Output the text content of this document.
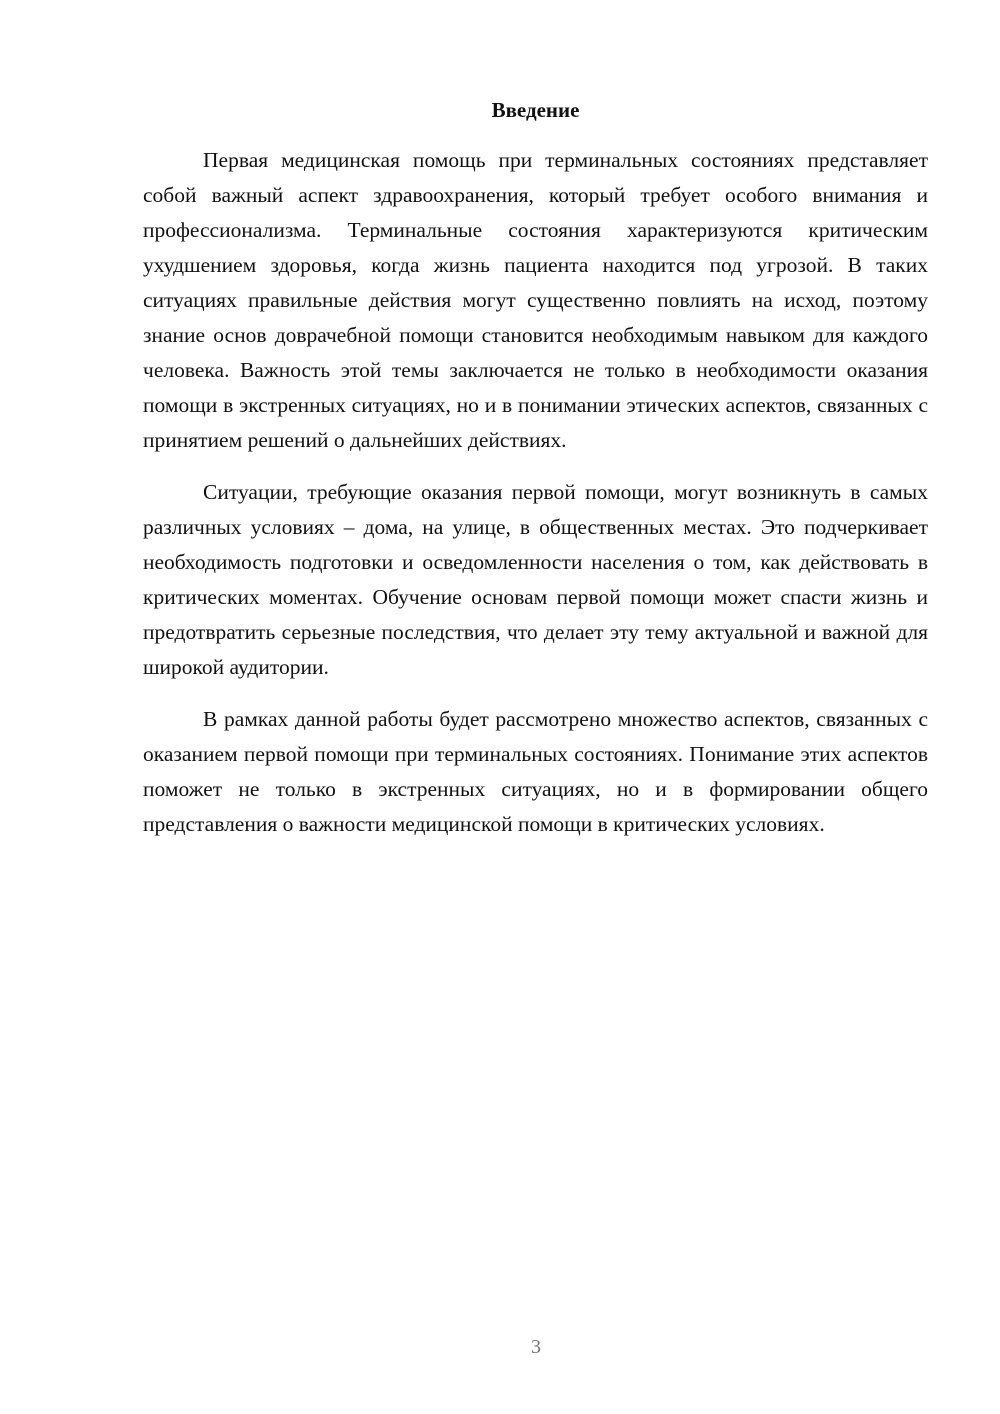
Введение

Первая медицинская помощь при терминальных состояниях представляет собой важный аспект здравоохранения, который требует особого внимания и профессионализма. Терминальные состояния характеризуются критическим ухудшением здоровья, когда жизнь пациента находится под угрозой. В таких ситуациях правильные действия могут существенно повлиять на исход, поэтому знание основ доврачебной помощи становится необходимым навыком для каждого человека. Важность этой темы заключается не только в необходимости оказания помощи в экстренных ситуациях, но и в понимании этических аспектов, связанных с принятием решений о дальнейших действиях.

Ситуации, требующие оказания первой помощи, могут возникнуть в самых различных условиях – дома, на улице, в общественных местах. Это подчеркивает необходимость подготовки и осведомленности населения о том, как действовать в критических моментах. Обучение основам первой помощи может спасти жизнь и предотвратить серьезные последствия, что делает эту тему актуальной и важной для широкой аудитории.

В рамках данной работы будет рассмотрено множество аспектов, связанных с оказанием первой помощи при терминальных состояниях. Понимание этих аспектов поможет не только в экстренных ситуациях, но и в формировании общего представления о важности медицинской помощи в критических условиях.

3
